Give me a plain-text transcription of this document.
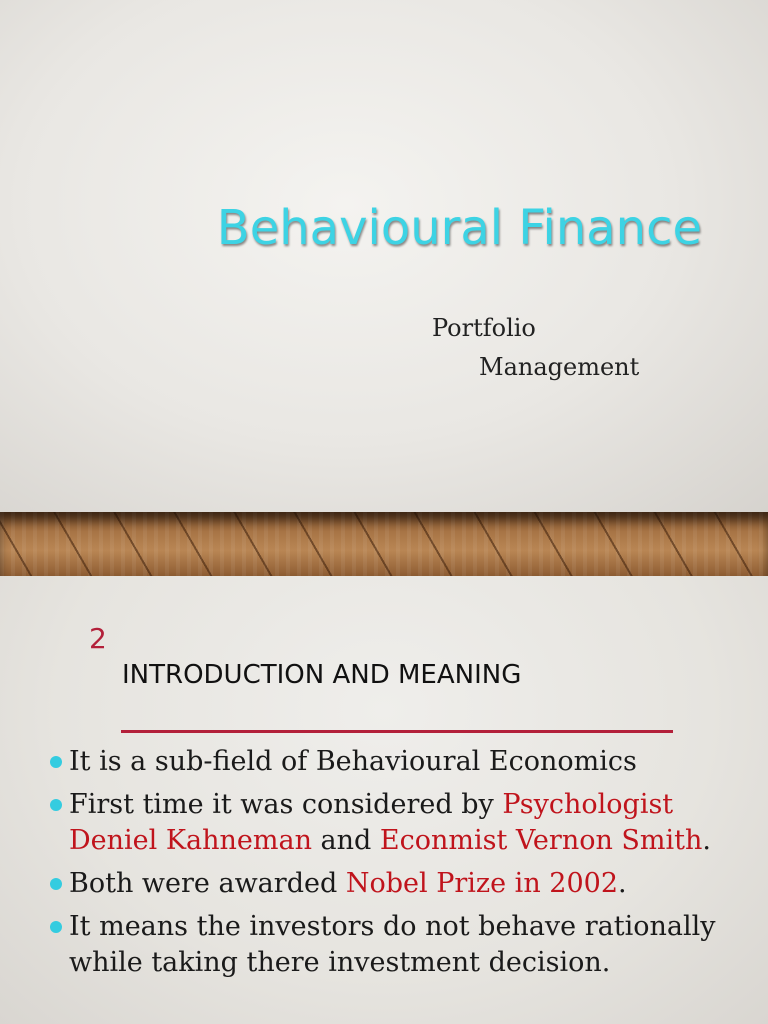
Behavioural Finance
Portfolio
Management
2
INTRODUCTION AND MEANING
It is a sub-field of Behavioural Economics
First time it was considered by Psychologist Deniel Kahneman and Econmist Vernon Smith.
Both were awarded Nobel Prize in 2002.
It means the investors do not behave rationally while taking there investment decision.
